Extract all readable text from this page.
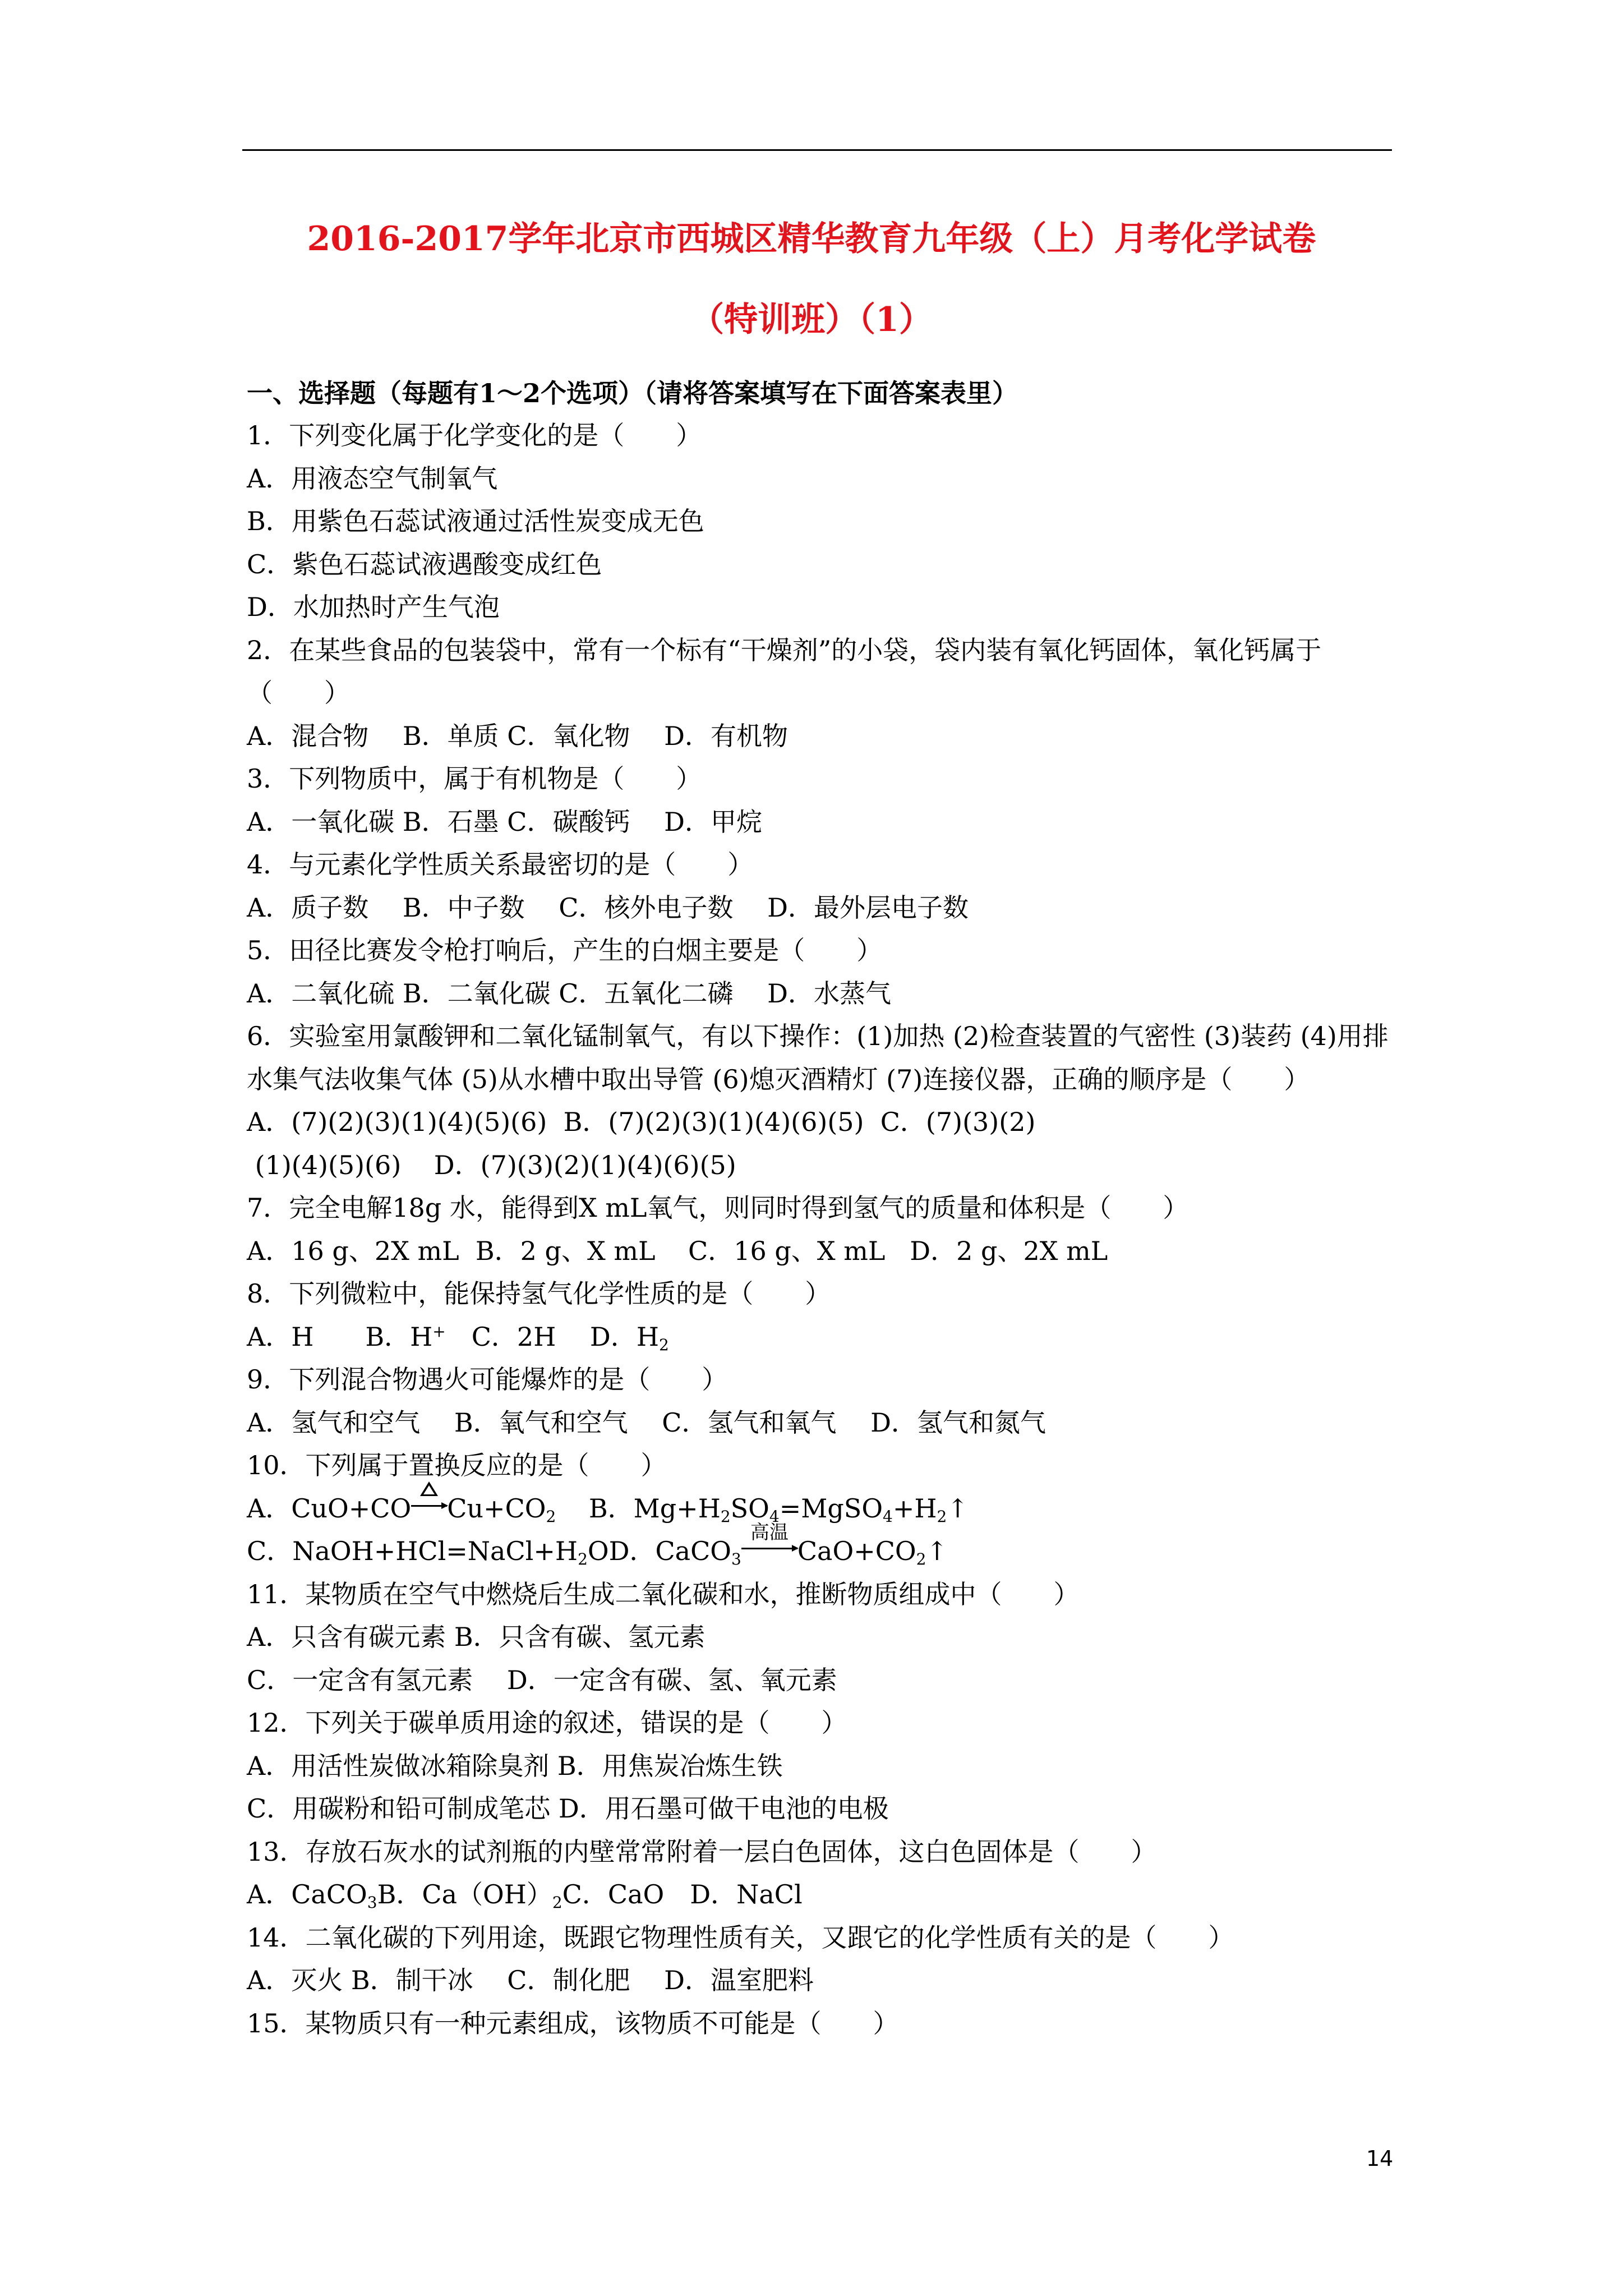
2016-2017学年北京市西城区精华教育九年级（上）月考化学试卷
（特训班）（1）
一、选择题（每题有1～2个选项）（请将答案填写在下面答案表里）
1．下列变化属于化学变化的是（　　）
A．用液态空气制氧气
B．用紫色石蕊试液通过活性炭变成无色
C．紫色石蕊试液遇酸变成红色
D．水加热时产生气泡
2．在某些食品的包装袋中，常有一个标有“干燥剂”的小袋，袋内装有氧化钙固体，氧化钙属于（　　）
A．混合物　 B．单质 C．氧化物　 D．有机物
3．下列物质中，属于有机物是（　　）
A．一氧化碳 B．石墨 C．碳酸钙　 D．甲烷
4．与元素化学性质关系最密切的是（　　）
A．质子数　 B．中子数　 C．核外电子数　 D．最外层电子数
5．田径比赛发令枪打响后，产生的白烟主要是（　　）
A．二氧化硫 B．二氧化碳 C．五氧化二磷　 D．水蒸气
6．实验室用氯酸钾和二氧化锰制氧气，有以下操作：(1)加热 (2)检查装置的气密性 (3)装药 (4)用排水集气法收集气体 (5)从水槽中取出导管 (6)熄灭酒精灯 (7)连接仪器，正确的顺序是（　　）
A．(7)(2)(3)(1)(4)(5)(6)  B．(7)(2)(3)(1)(4)(6)(5)  C．(7)(3)(2)
(1)(4)(5)(6)    D．(7)(3)(2)(1)(4)(6)(5)
7．完全电解18g 水，能得到X mL氧气，则同时得到氢气的质量和体积是（　　）
A．16 g、2X mL  B．2 g、X mL    C．16 g、X mL   D．2 g、2X mL
8．下列微粒中，能保持氢气化学性质的是（　　）
A．H　　B．H+　C．2H　 D．$H_2$
9．下列混合物遇火可能爆炸的是（　　）
A．氢气和空气　 B．氧气和空气　 C．氢气和氧气　 D．氢气和氮气
10．下列属于置换反应的是（　　）
A．CuO+CO $Cu+CO_2$    B．$Mg+H_2SO_4=MgSO_4+H_2↑$
C．$NaOH+HCl=NaCl+H_2OD$．CaCO$_3$
高温
$CaO+CO_2↑$
11．某物质在空气中燃烧后生成二氧化碳和水，推断物质组成中（　　）
A．只含有碳元素 B．只含有碳、氢元素
C．一定含有氢元素　 D．一定含有碳、氢、氧元素
12．下列关于碳单质用途的叙述，错误的是（　　）
A．用活性炭做冰箱除臭剂 B．用焦炭冶炼生铁
C．用碳粉和铅可制成笔芯 D．用石墨可做干电池的电极
13．存放石灰水的试剂瓶的内壁常常附着一层白色固体，这白色固体是（　　）
A．CaCO$_3$B．$Ca(OH)_2C$．CaO　D．NaCl
14．二氧化碳的下列用途，既跟它物理性质有关，又跟它的化学性质有关的是（　　）
A．灭火 B．制干冰　 C．制化肥　 D．温室肥料
15．某物质只有一种元素组成，该物质不可能是（　　）
14
